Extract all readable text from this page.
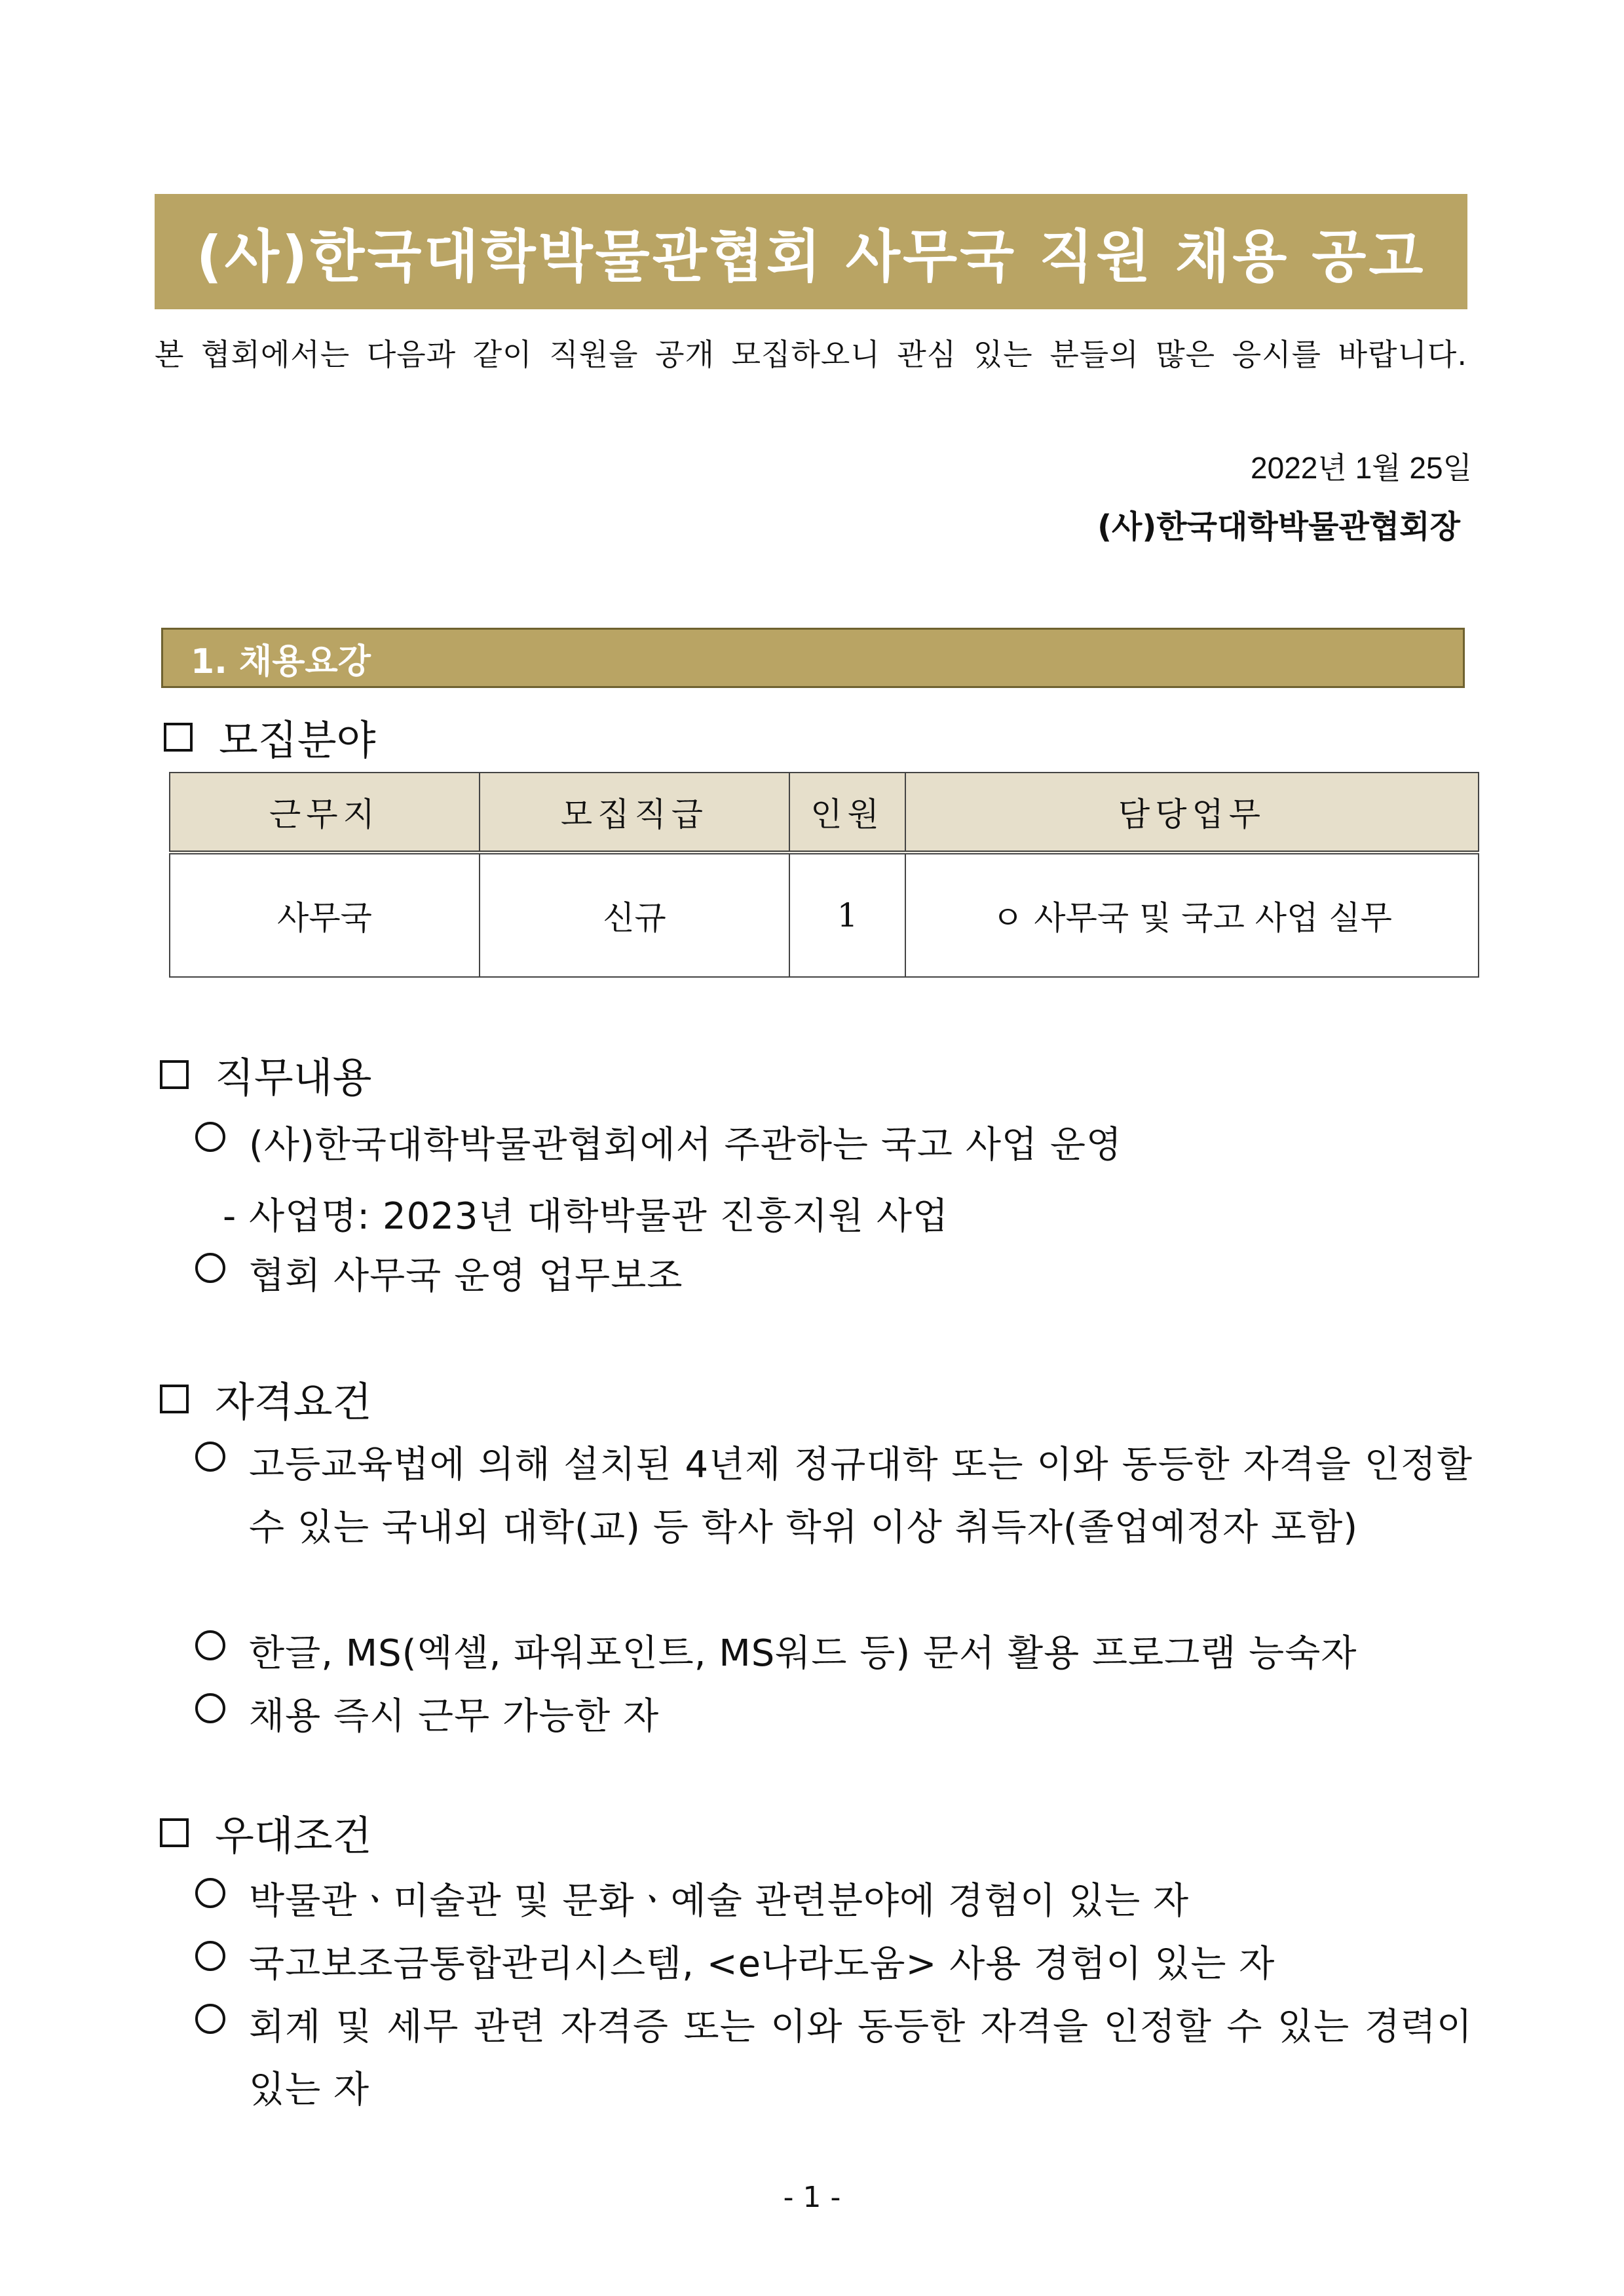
(사)한국대학박물관협회 사무국 직원 채용 공고
본 협회에서는 다음과 같이 직원을 공개 모집하오니 관심 있는 분들의 많은 응시를 바랍니다.
2022년 1월 25일
(사)한국대학박물관협회장
1. 채용요강
모집분야
근무지	모집직급	인원	담당업무
사무국	신규	1	ㅇ 사무국 및 국고 사업 실무
직무내용
(사)한국대학박물관협회에서 주관하는 국고 사업 운영
- 사업명: 2023년 대학박물관 진흥지원 사업
협회 사무국 운영 업무보조
자격요건
고등교육법에 의해 설치된 4년제 정규대학 또는 이와 동등한 자격을 인정할 수 있는 국내외 대학(교) 등 학사 학위 이상 취득자(졸업예정자 포함)
한글, MS(엑셀, 파워포인트, MS워드 등) 문서 활용 프로그램 능숙자
채용 즉시 근무 가능한 자
우대조건
박물관ㆍ미술관 및 문화ㆍ예술 관련분야에 경험이 있는 자
국고보조금통합관리시스템, <e나라도움> 사용 경험이 있는 자
회계 및 세무 관련 자격증 또는 이와 동등한 자격을 인정할 수 있는 경력이 있는 자
- 1 -
